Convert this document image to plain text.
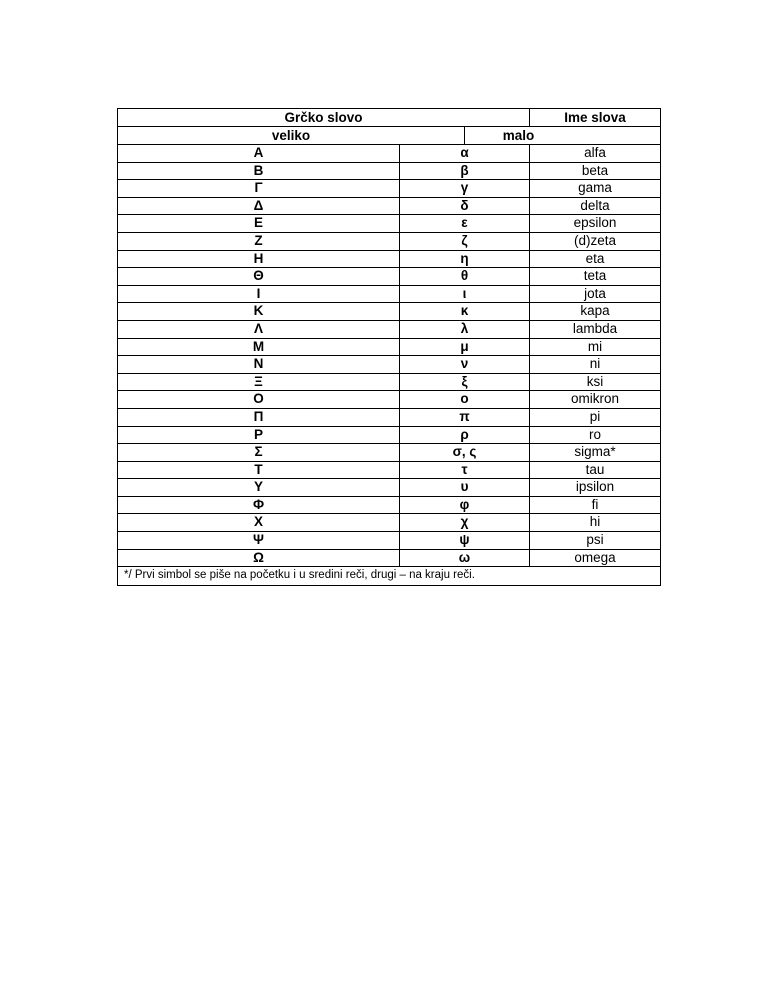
Grčko slovo	Ime slova
veliko	malo
Α	α	alfa
Β	β	beta
Γ	γ	gama
Δ	δ	delta
Ε	ε	epsilon
Ζ	ζ	(d)zeta
Η	η	eta
Θ	θ	teta
Ι	ι	jota
Κ	κ	kapa
Λ	λ	lambda
Μ	μ	mi
Ν	ν	ni
Ξ	ξ	ksi
Ο	ο	omikron
Π	π	pi
Ρ	ρ	ro
Σ	σ, ς	sigma*
Τ	τ	tau
Υ	υ	ipsilon
Φ	φ	fi
Χ	χ	hi
Ψ	ψ	psi
Ω	ω	omega
*/ Prvi simbol se piše na početku i u sredini reči, drugi – na kraju reči.
